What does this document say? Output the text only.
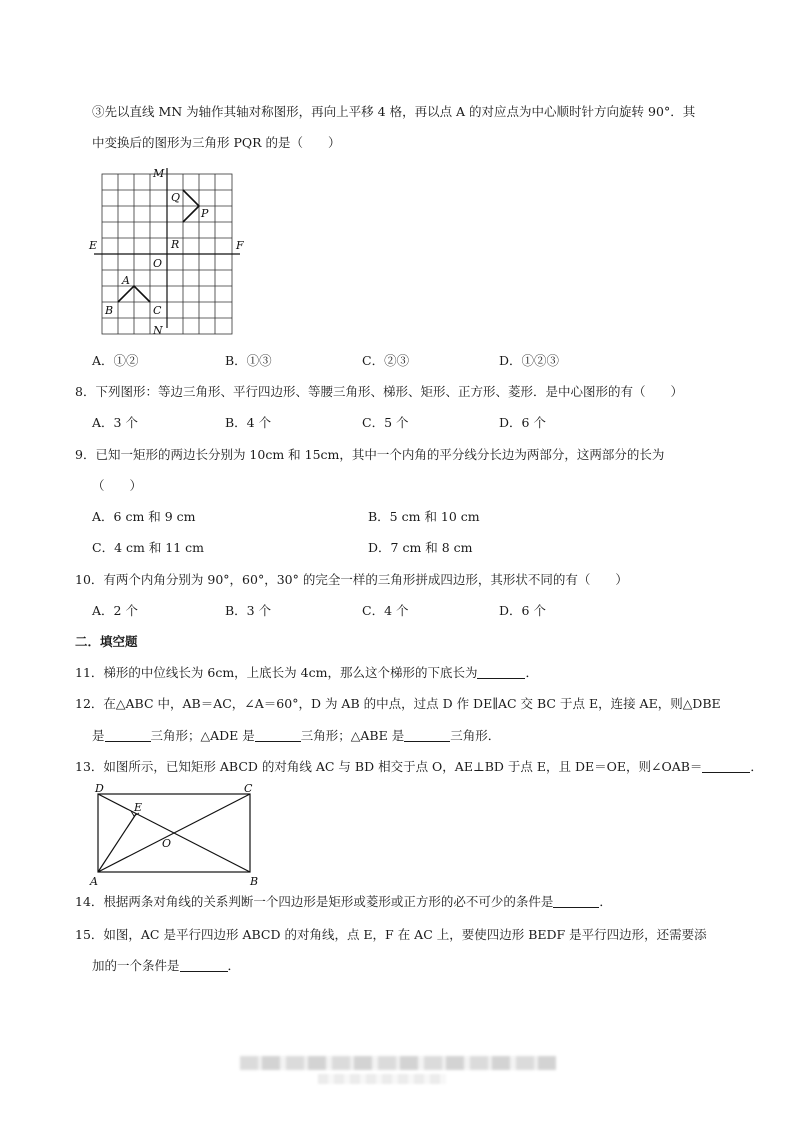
③先以直线 MN 为轴作其轴对称图形，再向上平移 4 格，再以点 A 的对应点为中心顺时针方向旋转 90°．其
中变换后的图形为三角形 PQR 的是（　　）
M
N
E	F
O
Q
P
R
A
B	C
A．①②	B．①③	C．②③	D．①②③
8．下列图形：等边三角形、平行四边形、等腰三角形、梯形、矩形、正方形、菱形．是中心图形的有（　　）
A．3 个	B．4 个	C．5 个	D．6 个
9．已知一矩形的两边长分别为 10cm 和 15cm，其中一个内角的平分线分长边为两部分，这两部分的长为
（　　）
A．6 cm 和 9 cm	B．5 cm 和 10 cm
C．4 cm 和 11 cm	D．7 cm 和 8 cm
10．有两个内角分别为 90°，60°，30° 的完全一样的三角形拼成四边形，其形状不同的有（　　）
A．2 个	B．3 个	C．4 个	D．6 个
二．填空题
11．梯形的中位线长为 6cm，上底长为 4cm，那么这个梯形的下底长为	．
12．在△ABC 中，AB＝AC，∠A＝60°，D 为 AB 的中点，过点 D 作 DE∥AC 交 BC 于点 E，连接 AE，则△DBE
是	三角形；△ADE 是	三角形；△ABE 是	三角形．
13．如图所示，已知矩形 ABCD 的对角线 AC 与 BD 相交于点 O，AE⊥BD 于点 E，且 DE＝OE，则∠OAB＝	．
D	C
E
O
A	B
14．根据两条对角线的关系判断一个四边形是矩形或菱形或正方形的必不可少的条件是	．
15．如图，AC 是平行四边形 ABCD 的对角线，点 E，F 在 AC 上，要使四边形 BEDF 是平行四边形，还需要添
加的一个条件是	．
